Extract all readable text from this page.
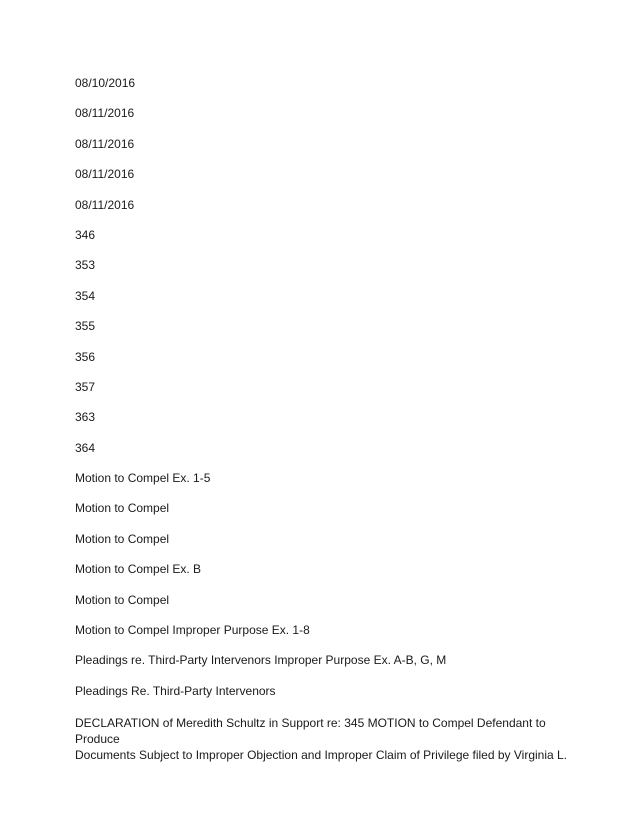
08/10/2016
08/11/2016
08/11/2016
08/11/2016
08/11/2016
346
353
354
355
356
357
363
364
Motion to Compel Ex. 1-5
Motion to Compel
Motion to Compel
Motion to Compel Ex. B
Motion to Compel
Motion to Compel Improper Purpose Ex. 1-8
Pleadings re. Third-Party Intervenors Improper Purpose Ex. A-B, G, M
Pleadings Re. Third-Party Intervenors
DECLARATION of Meredith Schultz in Support re: 345 MOTION to Compel Defendant to Produce
Documents Subject to Improper Objection and Improper Claim of Privilege filed by Virginia L.
